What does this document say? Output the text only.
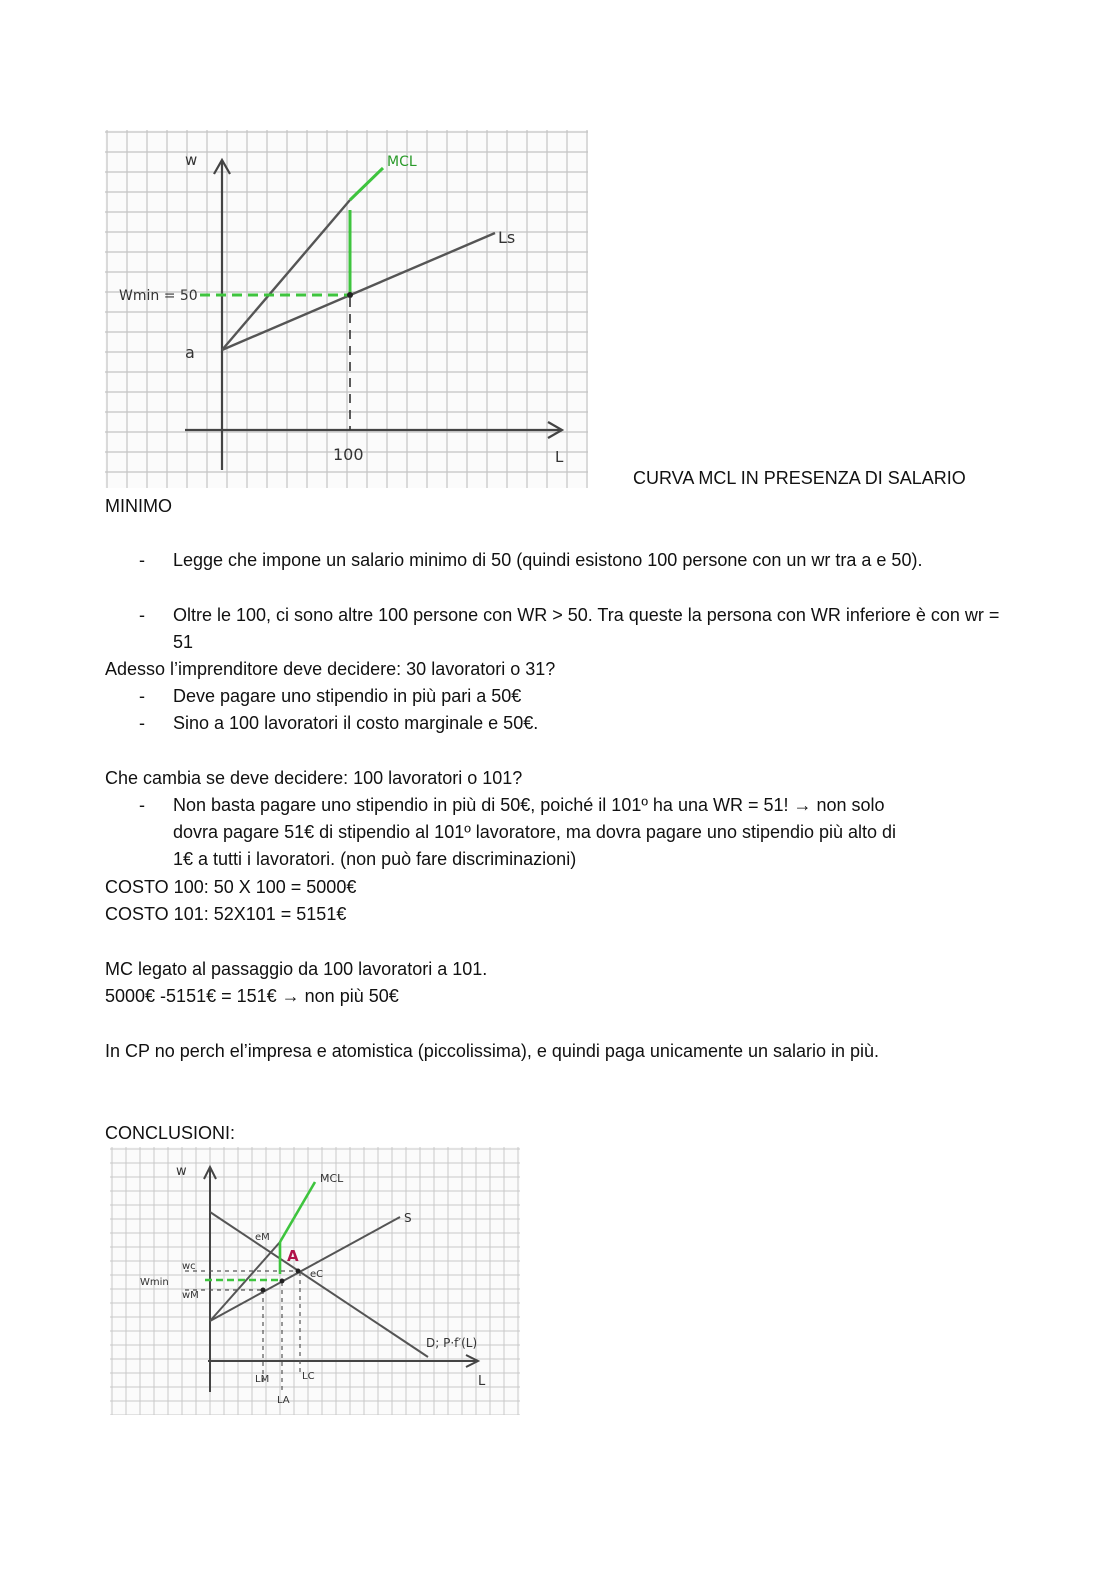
w
L
Wmin = 50
a
100
MCL
Ls
CURVA MCL IN PRESENZA DI SALARIO
MINIMO
- Legge che impone un salario minimo di 50 (quindi esistono 100 persone con un wr tra a e 50).
- Oltre le 100, ci sono altre 100 persone con WR > 50. Tra queste la persona con WR inferiore è con wr = 51
Adesso l’imprenditore deve decidere: 30 lavoratori o 31?
- Deve pagare uno stipendio in più pari a 50€
- Sino a 100 lavoratori il costo marginale e 50€.
Che cambia se deve decidere: 100 lavoratori o 101?
- Non basta pagare uno stipendio in più di 50€, poiché il 101º ha una WR = 51! → non solo
dovra pagare 51€ di stipendio al 101º lavoratore, ma dovra pagare uno stipendio più alto di
1€ a tutti i lavoratori. (non può fare discriminazioni)
COSTO 100: 50 X 100 = 5000€
COSTO 101: 52X101 = 5151€
MC legato al passaggio da 100 lavoratori a 101.
5000€ -5151€ = 151€ → non più 50€
In CP no perch el’impresa e atomistica (piccolissima), e quindi paga unicamente un salario in più.
CONCLUSIONI:
w
L
MCL
S
D; P·f′(L)
A
eM
eC
wc
Wmin
wM
LM
LA
LC
